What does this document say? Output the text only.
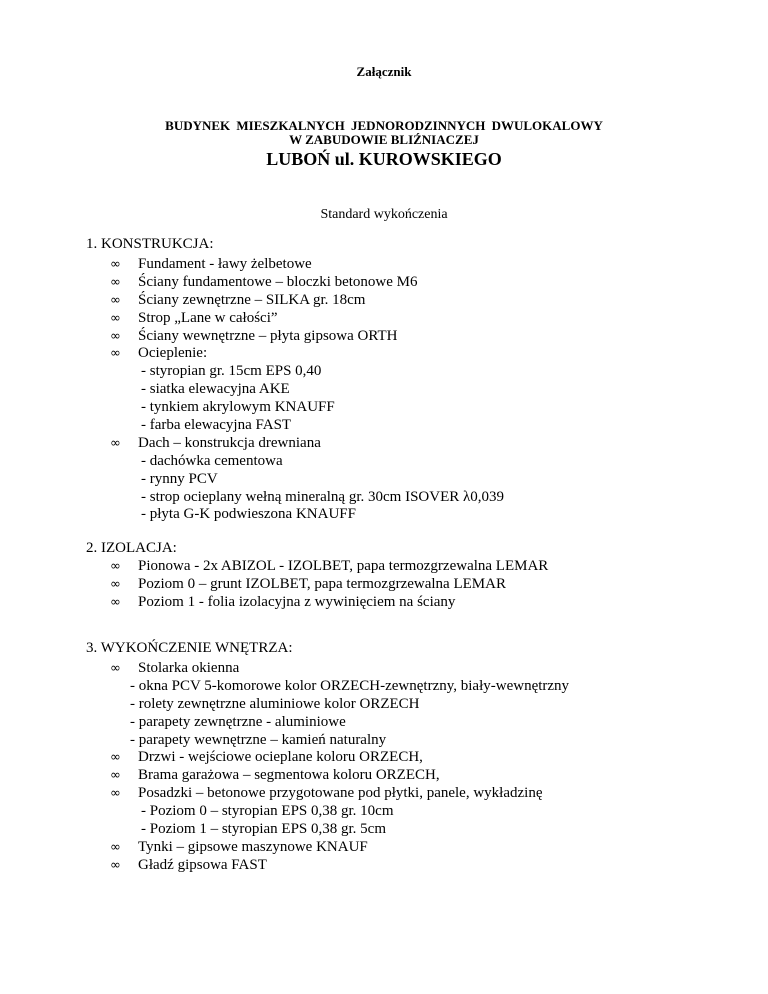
Załącznik
BUDYNEK MIESZKALNYCH JEDNORODZINNYCH DWULOKALOWY
W ZABUDOWIE BLIŹNIACZEJ
LUBOŃ ul. KUROWSKIEGO
Standard wykończenia
1. KONSTRUKCJA:
∞ Fundament - ławy żelbetowe
∞ Ściany fundamentowe – bloczki betonowe M6
∞ Ściany zewnętrzne – SILKA gr. 18cm
∞ Strop „Lane w całości”
∞ Ściany wewnętrzne – płyta gipsowa ORTH
∞ Ocieplenie:
- styropian gr. 15cm EPS 0,40
- siatka elewacyjna AKE
- tynkiem akrylowym KNAUFF
- farba elewacyjna FAST
∞ Dach – konstrukcja drewniana
- dachówka cementowa
- rynny PCV
- strop ocieplany wełną mineralną gr. 30cm ISOVER λ0,039
- płyta G-K podwieszona KNAUFF
2. IZOLACJA:
∞ Pionowa - 2x ABIZOL - IZOLBET, papa termozgrzewalna LEMAR
∞ Poziom 0 – grunt IZOLBET, papa termozgrzewalna LEMAR
∞ Poziom 1 - folia izolacyjna z wywinięciem na ściany
3. WYKOŃCZENIE WNĘTRZA:
∞ Stolarka okienna
- okna PCV 5-komorowe kolor ORZECH-zewnętrzny, biały-wewnętrzny
- rolety zewnętrzne aluminiowe kolor ORZECH
- parapety zewnętrzne - aluminiowe
- parapety wewnętrzne – kamień naturalny
∞ Drzwi - wejściowe ocieplane koloru ORZECH,
∞ Brama garażowa – segmentowa koloru ORZECH,
∞ Posadzki – betonowe przygotowane pod płytki, panele, wykładzinę
- Poziom 0 – styropian EPS 0,38 gr. 10cm
- Poziom 1 – styropian EPS 0,38 gr. 5cm
∞ Tynki – gipsowe maszynowe KNAUF
∞ Gładź gipsowa FAST
